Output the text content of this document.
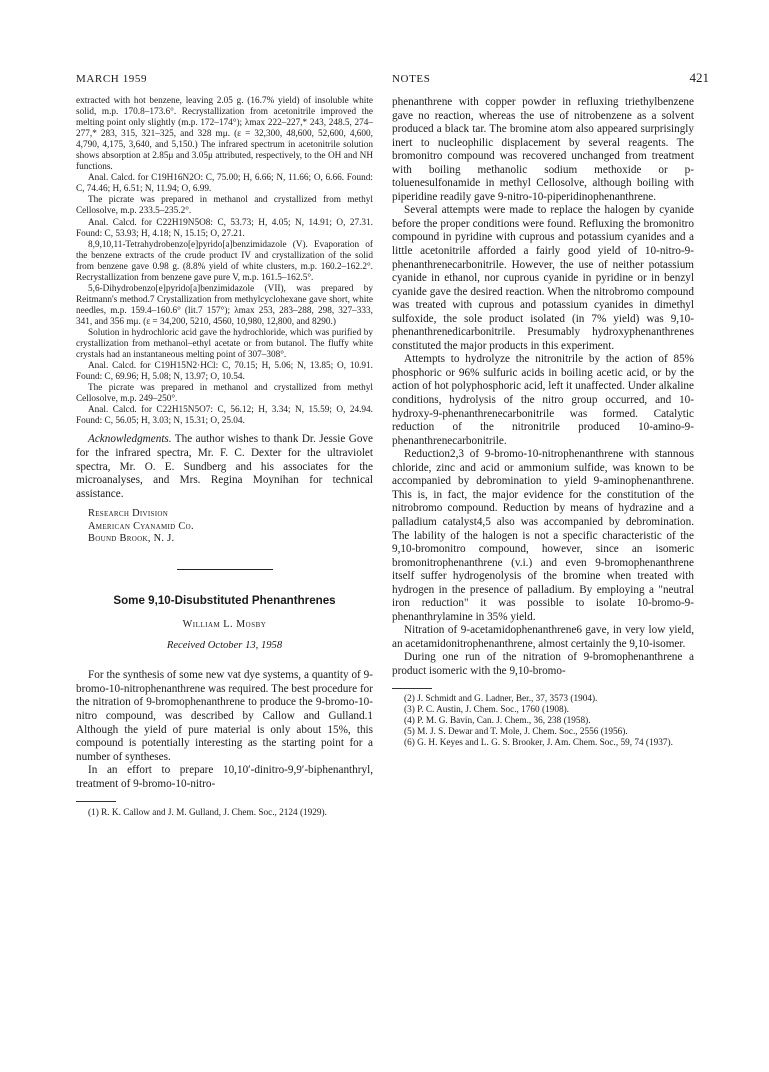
MARCH 1959	NOTES	421

extracted with hot benzene, leaving 2.05 g. (16.7% yield) of insoluble white solid, m.p. 170.8–173.6°. Recrystallization from acetonitrile improved the melting point only slightly (m.p. 172–174°); λmax 222–227,* 243, 248.5, 274–277,* 283, 315, 321–325, and 328 mμ. (ε = 32,300, 48,600, 52,600, 4,600, 4,790, 4,175, 3,640, and 5,150.) The infrared spectrum in acetonitrile solution shows absorption at 2.85μ and 3.05μ attributed, respectively, to the OH and NH functions.

Anal. Calcd. for C19H16N2O: C, 75.00; H, 6.66; N, 11.66; O, 6.66. Found: C, 74.46; H, 6.51; N, 11.94; O, 6.99.

The picrate was prepared in methanol and crystallized from methyl Cellosolve, m.p. 233.5–235.2°.

Anal. Calcd. for C22H19N5O8: C, 53.73; H, 4.05; N, 14.91; O, 27.31. Found: C, 53.93; H, 4.18; N, 15.15; O, 27.21.

8,9,10,11-Tetrahydrobenzo[e]pyrido[a]benzimidazole (V). Evaporation of the benzene extracts of the crude product IV and crystallization of the solid from benzene gave 0.98 g. (8.8% yield of white clusters, m.p. 160.2–162.2°. Recrystallization from benzene gave pure V, m.p. 161.5–162.5°.

5,6-Dihydrobenzo[e]pyrido[a]benzimidazole (VII), was prepared by Reitmann's method.7 Crystallization from methylcyclohexane gave short, white needles, m.p. 159.4–160.6° (lit.7 157°); λmax 253, 283–288, 298, 327–333, 341, and 356 mμ. (ε = 34,200, 5210, 4560, 10,980, 12,800, and 8290.)

Solution in hydrochloric acid gave the hydrochloride, which was purified by crystallization from methanol–ethyl acetate or from butanol. The fluffy white crystals had an instantaneous melting point of 307–308°.

Anal. Calcd. for C19H15N2·HCl: C, 70.15; H, 5.06; N, 13.85; O, 10.91. Found: C, 69.96; H, 5.08; N, 13.97; O, 10.54.

The picrate was prepared in methanol and crystallized from methyl Cellosolve, m.p. 249–250°.

Anal. Calcd. for C22H15N5O7: C, 56.12; H, 3.34; N, 15.59; O, 24.94. Found: C, 56.05; H, 3.03; N, 15.31; O, 25.04.

Acknowledgments. The author wishes to thank Dr. Jessie Gove for the infrared spectra, Mr. F. C. Dexter for the ultraviolet spectra, Mr. O. E. Sundberg and his associates for the microanalyses, and Mrs. Regina Moynihan for technical assistance.

Research Division
American Cyanamid Co.
Bound Brook, N. J.
Some 9,10-Disubstituted Phenanthrenes
William L. Mosby
Received October 13, 1958

For the synthesis of some new vat dye systems, a quantity of 9-bromo-10-nitrophenanthrene was required. The best procedure for the nitration of 9-bromophenanthrene to produce the 9-bromo-10-nitro compound, was described by Callow and Gulland.1 Although the yield of pure material is only about 15%, this compound is potentially interesting as the starting point for a number of syntheses.

In an effort to prepare 10,10′-dinitro-9,9′-biphenanthryl, treatment of 9-bromo-10-nitro-

(1) R. K. Callow and J. M. Gulland, J. Chem. Soc., 2124 (1929).

phenanthrene with copper powder in refluxing triethylbenzene gave no reaction, whereas the use of nitrobenzene as a solvent produced a black tar. The bromine atom also appeared surprisingly inert to nucleophilic displacement by several reagents. The bromonitro compound was recovered unchanged from treatment with boiling methanolic sodium methoxide or p-toluenesulfonamide in methyl Cellosolve, although boiling with piperidine readily gave 9-nitro-10-piperidinophenanthrene.

Several attempts were made to replace the halogen by cyanide before the proper conditions were found. Refluxing the bromonitro compound in pyridine with cuprous and potassium cyanides and a little acetonitrile afforded a fairly good yield of 10-nitro-9-phenanthrenecarbonitrile. However, the use of neither potassium cyanide in ethanol, nor cuprous cyanide in pyridine or in benzyl cyanide gave the desired reaction. When the nitrobromo compound was treated with cuprous and potassium cyanides in dimethyl sulfoxide, the sole product isolated (in 7% yield) was 9,10-phenanthrenedicarbonitrile. Presumably hydroxyphenanthrenes constituted the major products in this experiment.

Attempts to hydrolyze the nitronitrile by the action of 85% phosphoric or 96% sulfuric acids in boiling acetic acid, or by the action of hot polyphosphoric acid, left it unaffected. Under alkaline conditions, hydrolysis of the nitro group occurred, and 10-hydroxy-9-phenanthrenecarbonitrile was formed. Catalytic reduction of the nitronitrile produced 10-amino-9-phenanthrenecarbonitrile.

Reduction2,3 of 9-bromo-10-nitrophenanthrene with stannous chloride, zinc and acid or ammonium sulfide, was known to be accompanied by debromination to yield 9-aminophenanthrene. This is, in fact, the major evidence for the constitution of the nitrobromo compound. Reduction by means of hydrazine and a palladium catalyst4,5 also was accompanied by debromination. The lability of the halogen is not a specific characteristic of the 9,10-bromonitro compound, however, since an isomeric bromonitrophenanthrene (v.i.) and even 9-bromophenanthrene itself suffer hydrogenolysis of the bromine when treated with hydrogen in the presence of palladium. By employing a "neutral iron reduction" it was possible to isolate 10-bromo-9-phenanthrylamine in 35% yield.

Nitration of 9-acetamidophenanthrene6 gave, in very low yield, an acetamidonitrophenanthrene, almost certainly the 9,10-isomer.

During one run of the nitration of 9-bromophenanthrene a product isomeric with the 9,10-bromo-

(2) J. Schmidt and G. Ladner, Ber., 37, 3573 (1904).

(3) P. C. Austin, J. Chem. Soc., 1760 (1908).

(4) P. M. G. Bavin, Can. J. Chem., 36, 238 (1958).

(5) M. J. S. Dewar and T. Mole, J. Chem. Soc., 2556 (1956).

(6) G. H. Keyes and L. G. S. Brooker, J. Am. Chem. Soc., 59, 74 (1937).
